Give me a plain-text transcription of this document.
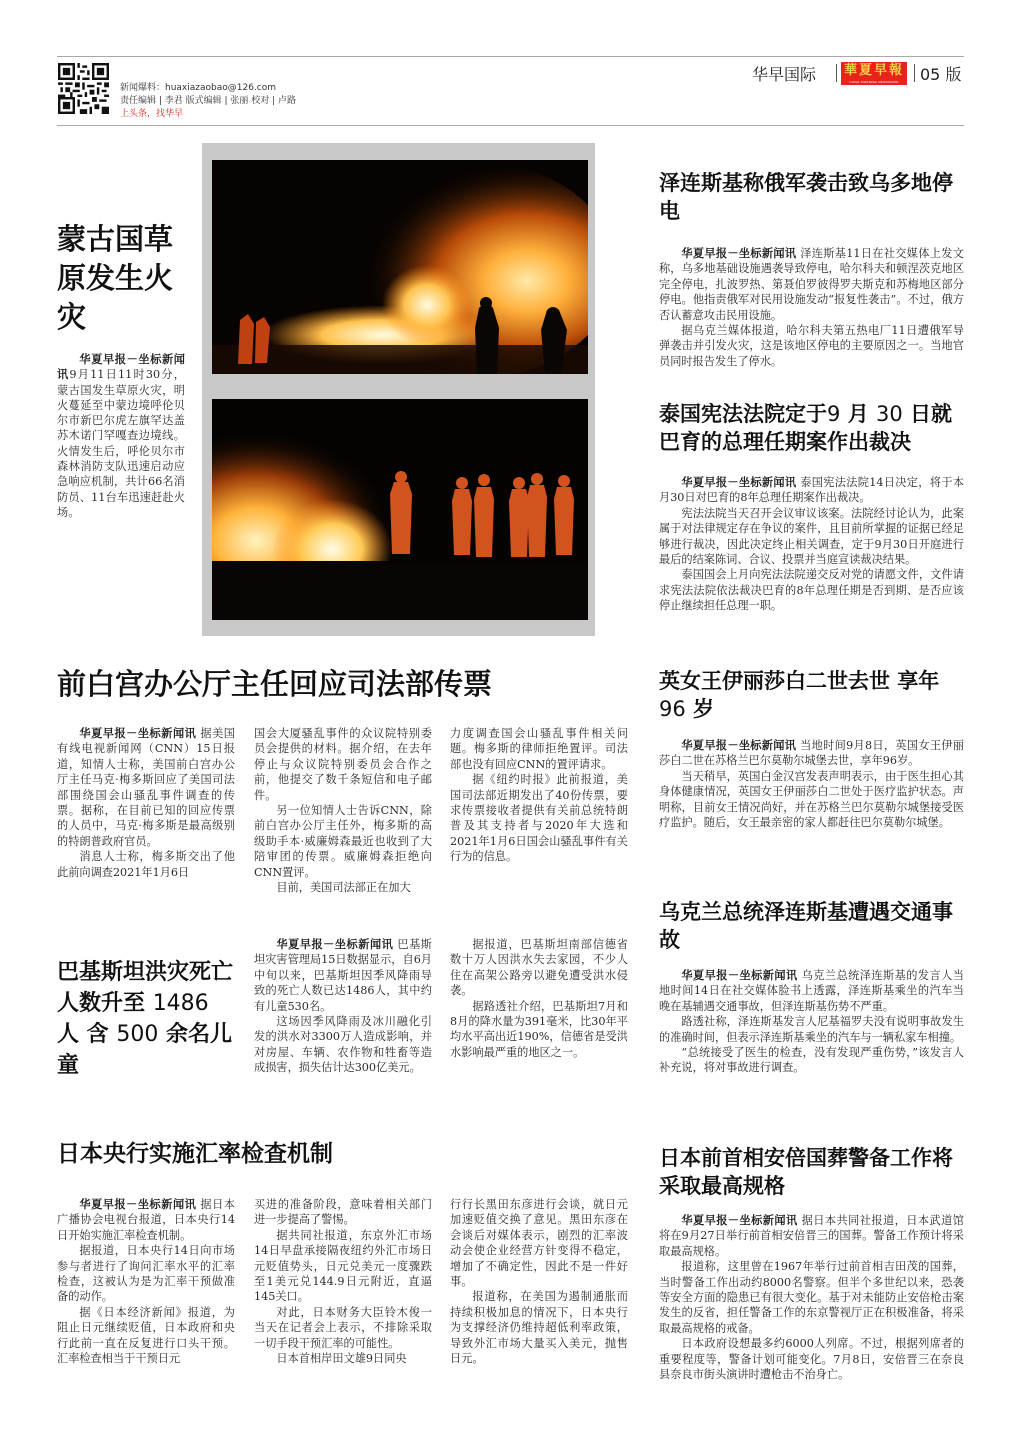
新闻爆料：huaxiazaobao@126.com
责任编辑 | 李君 版式编辑 | 张丽 校对 | 卢路
上头条，找华早
华早国际 華夏早報
CHINA MORNING NEWSPAPER	05 版
蒙古国草原发生火灾

华夏早报－坐标新闻讯9月11日11时30分，蒙古国发生草原火灾，明火蔓延至中蒙边境呼伦贝尔市新巴尔虎左旗罕达盖苏木诺门罕嘎查边境线。火情发生后，呼伦贝尔市森林消防支队迅速启动应急响应机制，共计66名消防员、11台车迅速赶赴火场。

泽连斯基称俄军袭击致乌多地停电

华夏早报－坐标新闻讯 泽连斯基11日在社交媒体上发文称，乌多地基础设施遇袭导致停电，哈尔科夫和顿涅茨克地区完全停电，扎波罗热、第聂伯罗彼得罗夫斯克和苏梅地区部分停电。他指责俄军对民用设施发动“报复性袭击”。不过，俄方否认蓄意攻击民用设施。

据乌克兰媒体报道，哈尔科夫第五热电厂11日遭俄军导弹袭击并引发火灾，这是该地区停电的主要原因之一。当地官员同时报告发生了停水。

泰国宪法法院定于9 月 30 日就巴育的总理任期案作出裁决

华夏早报－坐标新闻讯 泰国宪法法院14日决定，将于本月30日对巴育的8年总理任期案作出裁决。

宪法法院当天召开会议审议该案。法院经讨论认为，此案属于对法律规定存在争议的案件，且目前所掌握的证据已经足够进行裁决，因此决定终止相关调查，定于9月30日开庭进行最后的结案陈词、合议、投票并当庭宣读裁决结果。

泰国国会上月向宪法法院递交反对党的请愿文件，文件请求宪法法院依法裁决巴育的8年总理任期是否到期、是否应该停止继续担任总理一职。

前白宫办公厅主任回应司法部传票

华夏早报－坐标新闻讯 据美国有线电视新闻网（CNN）15日报道，知情人士称，美国前白宫办公厅主任马克·梅多斯回应了美国司法部围绕国会山骚乱事件调查的传票。据称，在目前已知的回应传票的人员中，马克·梅多斯是最高级别的特朗普政府官员。

消息人士称，梅多斯交出了他此前向调查2021年1月6日

国会大厦骚乱事件的众议院特别委员会提供的材料。据介绍，在去年停止与众议院特别委员会合作之前，他提交了数千条短信和电子邮件。

另一位知情人士告诉CNN，除前白宫办公厅主任外，梅多斯的高级助手本·威廉姆森最近也收到了大陪审团的传票。威廉姆森拒绝向CNN置评。

目前，美国司法部正在加大

力度调查国会山骚乱事件相关问题。梅多斯的律师拒绝置评。司法部也没有回应CNN的置评请求。

据《纽约时报》此前报道，美国司法部近期发出了40份传票，要求传票接收者提供有关前总统特朗普及其支持者与2020年大选和2021年1月6日国会山骚乱事件有关行为的信息。

英女王伊丽莎白二世去世 享年 96 岁

华夏早报－坐标新闻讯 当地时间9月8日，英国女王伊丽莎白二世在苏格兰巴尔莫勒尔城堡去世，享年96岁。

当天稍早，英国白金汉宫发表声明表示，由于医生担心其身体健康情况，英国女王伊丽莎白二世处于医疗监护状态。声明称，目前女王情况尚好，并在苏格兰巴尔莫勒尔城堡接受医疗监护。随后，女王最亲密的家人都赶往巴尔莫勒尔城堡。

巴基斯坦洪灾死亡人数升至 1486 人 含 500 余名儿童

华夏早报－坐标新闻讯 巴基斯坦灾害管理局15日数据显示，自6月中旬以来，巴基斯坦因季风降雨导致的死亡人数已达1486人，其中约有儿童530名。

这场因季风降雨及冰川融化引发的洪水对3300万人造成影响，并对房屋、车辆、农作物和牲畜等造成损害，损失估计达300亿美元。

据报道，巴基斯坦南部信德省数十万人因洪水失去家园，不少人住在高架公路旁以避免遭受洪水侵袭。

据路透社介绍，巴基斯坦7月和8月的降水量为391毫米，比30年平均水平高出近190%，信德省是受洪水影响最严重的地区之一。

乌克兰总统泽连斯基遭遇交通事故

华夏早报－坐标新闻讯 乌克兰总统泽连斯基的发言人当地时间14日在社交媒体脸书上透露，泽连斯基乘坐的汽车当晚在基辅遇交通事故，但泽连斯基伤势不严重。

路透社称，泽连斯基发言人尼基福罗夫没有说明事故发生的准确时间，但表示泽连斯基乘坐的汽车与一辆私家车相撞。

“总统接受了医生的检查，没有发现严重伤势，”该发言人补充说，将对事故进行调查。

日本央行实施汇率检查机制

华夏早报－坐标新闻讯 据日本广播协会电视台报道，日本央行14日开始实施汇率检查机制。

据报道，日本央行14日向市场参与者进行了询问汇率水平的汇率检查，这被认为是为汇率干预做准备的动作。

据《日本经济新闻》报道，为阻止日元继续贬值，日本政府和央行此前一直在反复进行口头干预。汇率检查相当于干预日元

买进的准备阶段，意味着相关部门进一步提高了警惕。

据共同社报道，东京外汇市场14日早盘承接隔夜纽约外汇市场日元贬值势头，日元兑美元一度骤跌至1美元兑144.9日元附近，直逼145关口。

对此，日本财务大臣铃木俊一当天在记者会上表示，不排除采取一切手段干预汇率的可能性。

日本首相岸田文雄9日同央

行行长黑田东彦进行会谈，就日元加速贬值交换了意见。黑田东彦在会谈后对媒体表示，剧烈的汇率波动会使企业经营方针变得不稳定，增加了不确定性，因此不是一件好事。

报道称，在美国为遏制通胀而持续积极加息的情况下，日本央行为支撑经济仍维持超低利率政策，导致外汇市场大量买入美元，抛售日元。

日本前首相安倍国葬警备工作将采取最高规格

华夏早报－坐标新闻讯 据日本共同社报道，日本武道馆将在9月27日举行前首相安倍晋三的国葬。警备工作预计将采取最高规格。

报道称，这里曾在1967年举行过前首相吉田茂的国葬，当时警备工作出动约8000名警察。但半个多世纪以来，恐袭等安全方面的隐患已有很大变化。基于对未能防止安倍枪击案发生的反省，担任警备工作的东京警视厅正在积极准备，将采取最高规格的戒备。

日本政府设想最多约6000人列席。不过，根据列席者的重要程度等，警备计划可能变化。7月8日，安倍晋三在奈良县奈良市街头演讲时遭枪击不治身亡。
